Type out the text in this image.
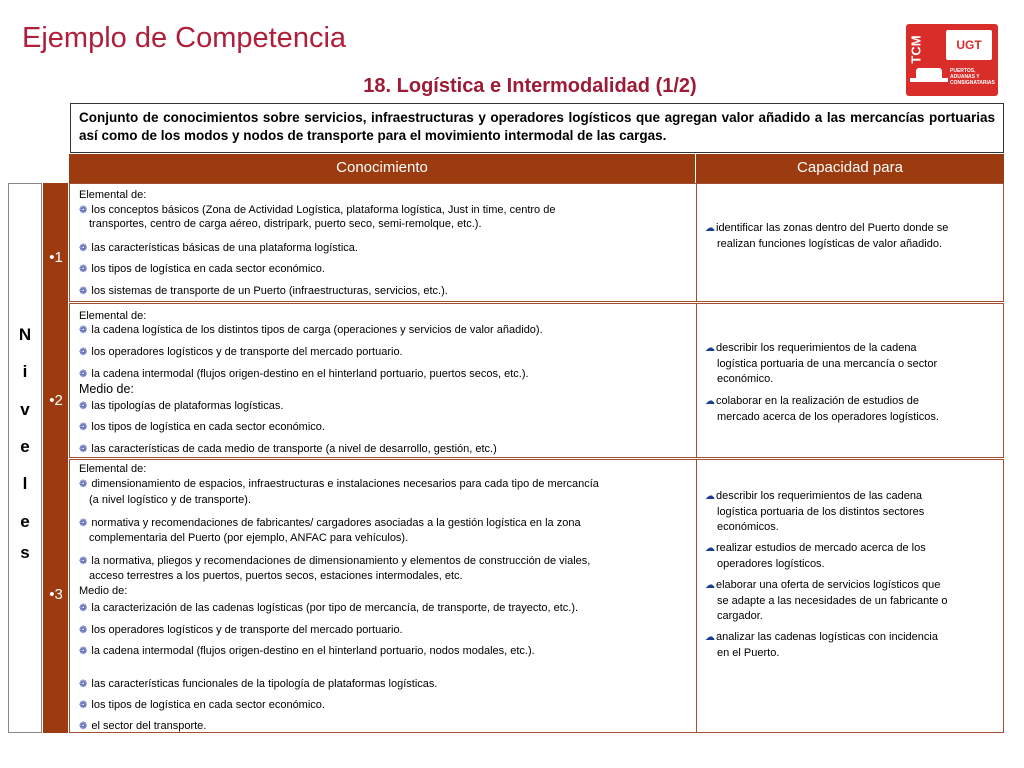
Ejemplo de Competencia
18. Logística e Intermodalidad (1/2)
TCM	UGT
PUERTOS, ADUANAS Y CONSIGNATARIAS
Conjunto de conocimientos sobre servicios, infraestructuras y operadores logísticos que agregan valor añadido a las mercancías portuarias así como de los modos y nodos de transporte para el movimiento intermodal de las cargas.
Conocimiento	Capacidad para
N
i
v
e
l
e
s
•1
Elemental de:
❁ los conceptos básicos (Zona de Actividad Logística, plataforma logística, Just in time, centro de
transportes, centro de carga aéreo, distripark, puerto seco, semi-remolque, etc.).
❁ las características básicas de una plataforma logística.
❁ los tipos de logística en cada sector económico.
❁ los sistemas de transporte de un Puerto (infraestructuras, servicios, etc.).
☁identificar las zonas dentro del Puerto donde se
realizan funciones logísticas de valor añadido.
•2
Elemental de:
❁ la cadena logística de los distintos tipos de carga (operaciones y servicios de valor añadido).
❁ los operadores logísticos y de transporte del mercado portuario.
❁ la cadena intermodal (flujos origen-destino en el hinterland portuario, puertos secos, etc.).
Medio de:
❁ las tipologías de plataformas logísticas.
❁ los tipos de logística en cada sector económico.
❁ las características de cada medio de transporte (a nivel de desarrollo, gestión, etc.)
☁describir los requerimientos de la cadena
logística portuaria de una mercancía o sector
económico.
☁colaborar en la realización de estudios de
mercado acerca de los operadores logísticos.
•3
Elemental de:
❁ dimensionamiento de espacios, infraestructuras e instalaciones necesarios para cada tipo de mercancía
(a nivel logístico y de transporte).
❁ normativa y recomendaciones de fabricantes/ cargadores asociadas a la gestión logística en la zona
complementaria del Puerto (por ejemplo, ANFAC para vehículos).
❁ la normativa, pliegos y recomendaciones de dimensionamiento y elementos de construcción de viales,
acceso terrestres a los puertos, puertos secos, estaciones intermodales, etc.
Medio de:
❁ la caracterización de las cadenas logísticas (por tipo de mercancía, de transporte, de trayecto, etc.).
❁ los operadores logísticos y de transporte del mercado portuario.
❁ la cadena intermodal (flujos origen-destino en el hinterland portuario, nodos modales, etc.).
❁ las características funcionales de la tipología de plataformas logísticas.
❁ los tipos de logística en cada sector económico.
❁ el sector del transporte.
☁describir los requerimientos de las cadena
logística portuaria de los distintos sectores
económicos.
☁realizar estudios de mercado acerca de los
operadores logísticos.
☁elaborar una oferta de servicios logísticos que
se adapte a las necesidades de un fabricante o
cargador.
☁analizar las cadenas logísticas con incidencia
en el Puerto.
